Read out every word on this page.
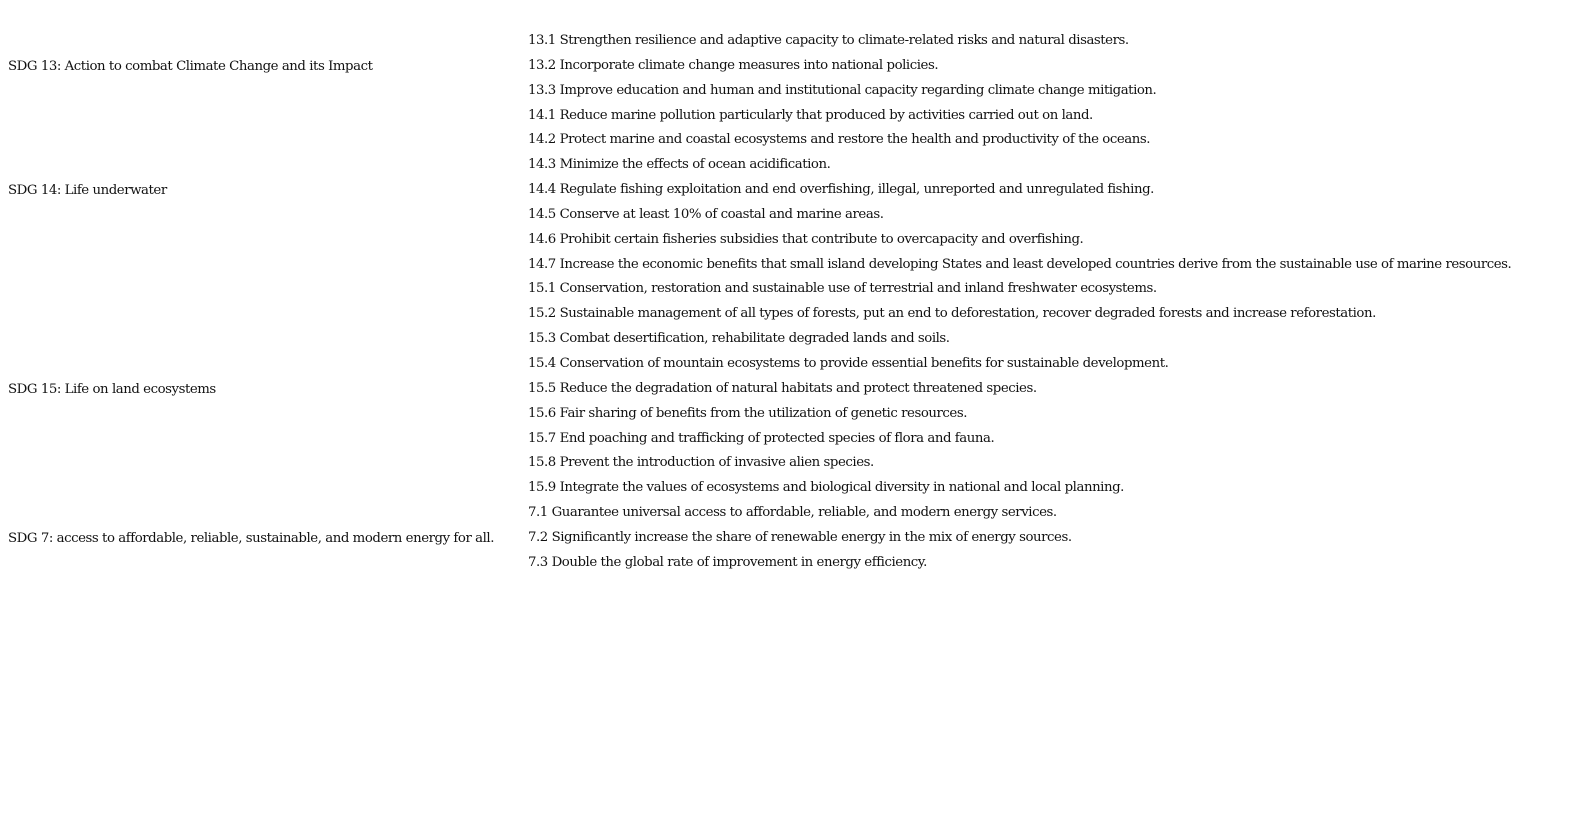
SDG 13: Action to combat Climate Change and its Impact
13.1 Strengthen resilience and adaptive capacity to climate-related risks and natural disasters.
13.2 Incorporate climate change measures into national policies.
13.3 Improve education and human and institutional capacity regarding climate change mitigation.
SDG 14: Life underwater
14.1 Reduce marine pollution particularly that produced by activities carried out on land.
14.2 Protect marine and coastal ecosystems and restore the health and productivity of the oceans.
14.3 Minimize the effects of ocean acidification.
14.4 Regulate fishing exploitation and end overfishing, illegal, unreported and unregulated fishing.
14.5 Conserve at least 10% of coastal and marine areas.
14.6 Prohibit certain fisheries subsidies that contribute to overcapacity and overfishing.
14.7 Increase the economic benefits that small island developing States and least developed countries derive from the sustainable use of marine resources.
SDG 15: Life on land ecosystems
15.1 Conservation, restoration and sustainable use of terrestrial and inland freshwater ecosystems.
15.2 Sustainable management of all types of forests, put an end to deforestation, recover degraded forests and increase reforestation.
15.3 Combat desertification, rehabilitate degraded lands and soils.
15.4 Conservation of mountain ecosystems to provide essential benefits for sustainable development.
15.5 Reduce the degradation of natural habitats and protect threatened species.
15.6 Fair sharing of benefits from the utilization of genetic resources.
15.7 End poaching and trafficking of protected species of flora and fauna.
15.8 Prevent the introduction of invasive alien species.
15.9 Integrate the values of ecosystems and biological diversity in national and local planning.
SDG 7: access to affordable, reliable, sustainable, and modern energy for all.
7.1 Guarantee universal access to affordable, reliable, and modern energy services.
7.2 Significantly increase the share of renewable energy in the mix of energy sources.
7.3 Double the global rate of improvement in energy efficiency.
